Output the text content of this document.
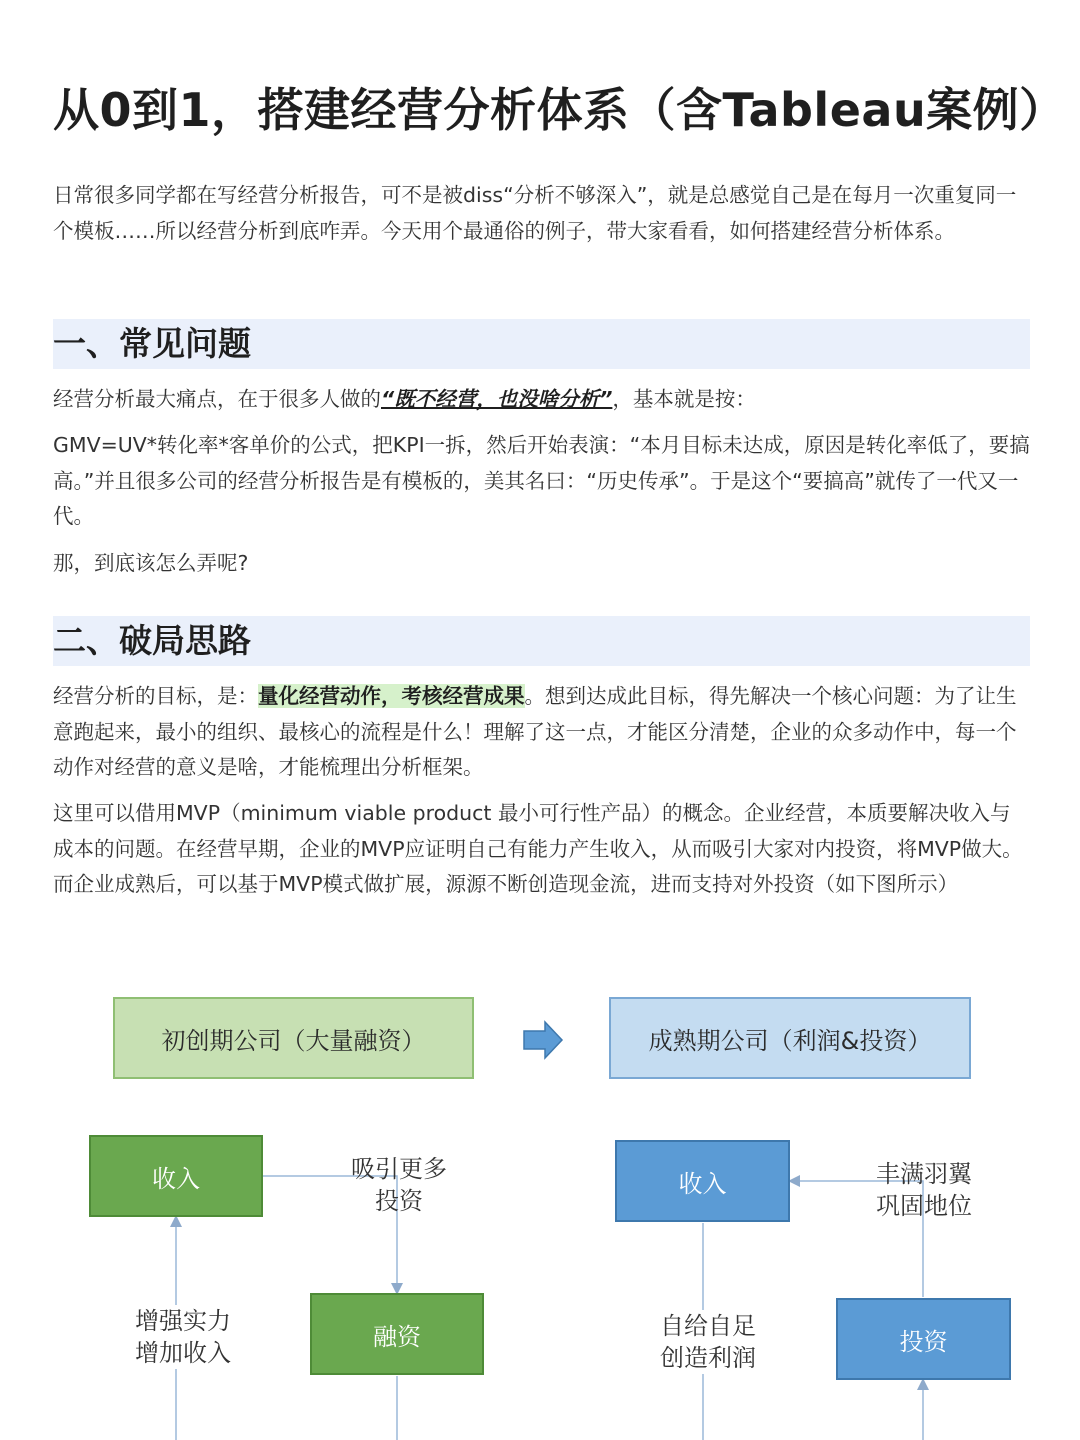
从0到1，搭建经营分析体系（含Tableau案例）

日常很多同学都在写经营分析报告，可不是被diss“分析不够深入”，就是总感觉自己是在每月一次重复同一个模板……所以经营分析到底咋弄。今天用个最通俗的例子，带大家看看，如何搭建经营分析体系。

一、常见问题

经营分析最大痛点，在于很多人做的“既不经营，也没啥分析”，基本就是按：

GMV=UV*转化率*客单价的公式，把KPI一拆，然后开始表演：“本月目标未达成，原因是转化率低了，要搞高。”并且很多公司的经营分析报告是有模板的，美其名曰：“历史传承”。于是这个“要搞高”就传了一代又一代。

那，到底该怎么弄呢?

二、破局思路

经营分析的目标，是：量化经营动作，考核经营成果。想到达成此目标，得先解决一个核心问题：为了让生意跑起来，最小的组织、最核心的流程是什么！理解了这一点，才能区分清楚，企业的众多动作中，每一个动作对经营的意义是啥，才能梳理出分析框架。

这里可以借用MVP（minimum viable product 最小可行性产品）的概念。企业经营，本质要解决收入与成本的问题。在经营早期，企业的MVP应证明自己有能力产生收入，从而吸引大家对内投资，将MVP做大。而企业成熟后，可以基于MVP模式做扩展，源源不断创造现金流，进而支持对外投资（如下图所示）

初创期公司（大量融资）	成熟期公司（利润&投资）
收入
融资
吸引更多
投资
增强实力
增加收入
收入
投资
丰满羽翼
巩固地位
自给自足
创造利润
